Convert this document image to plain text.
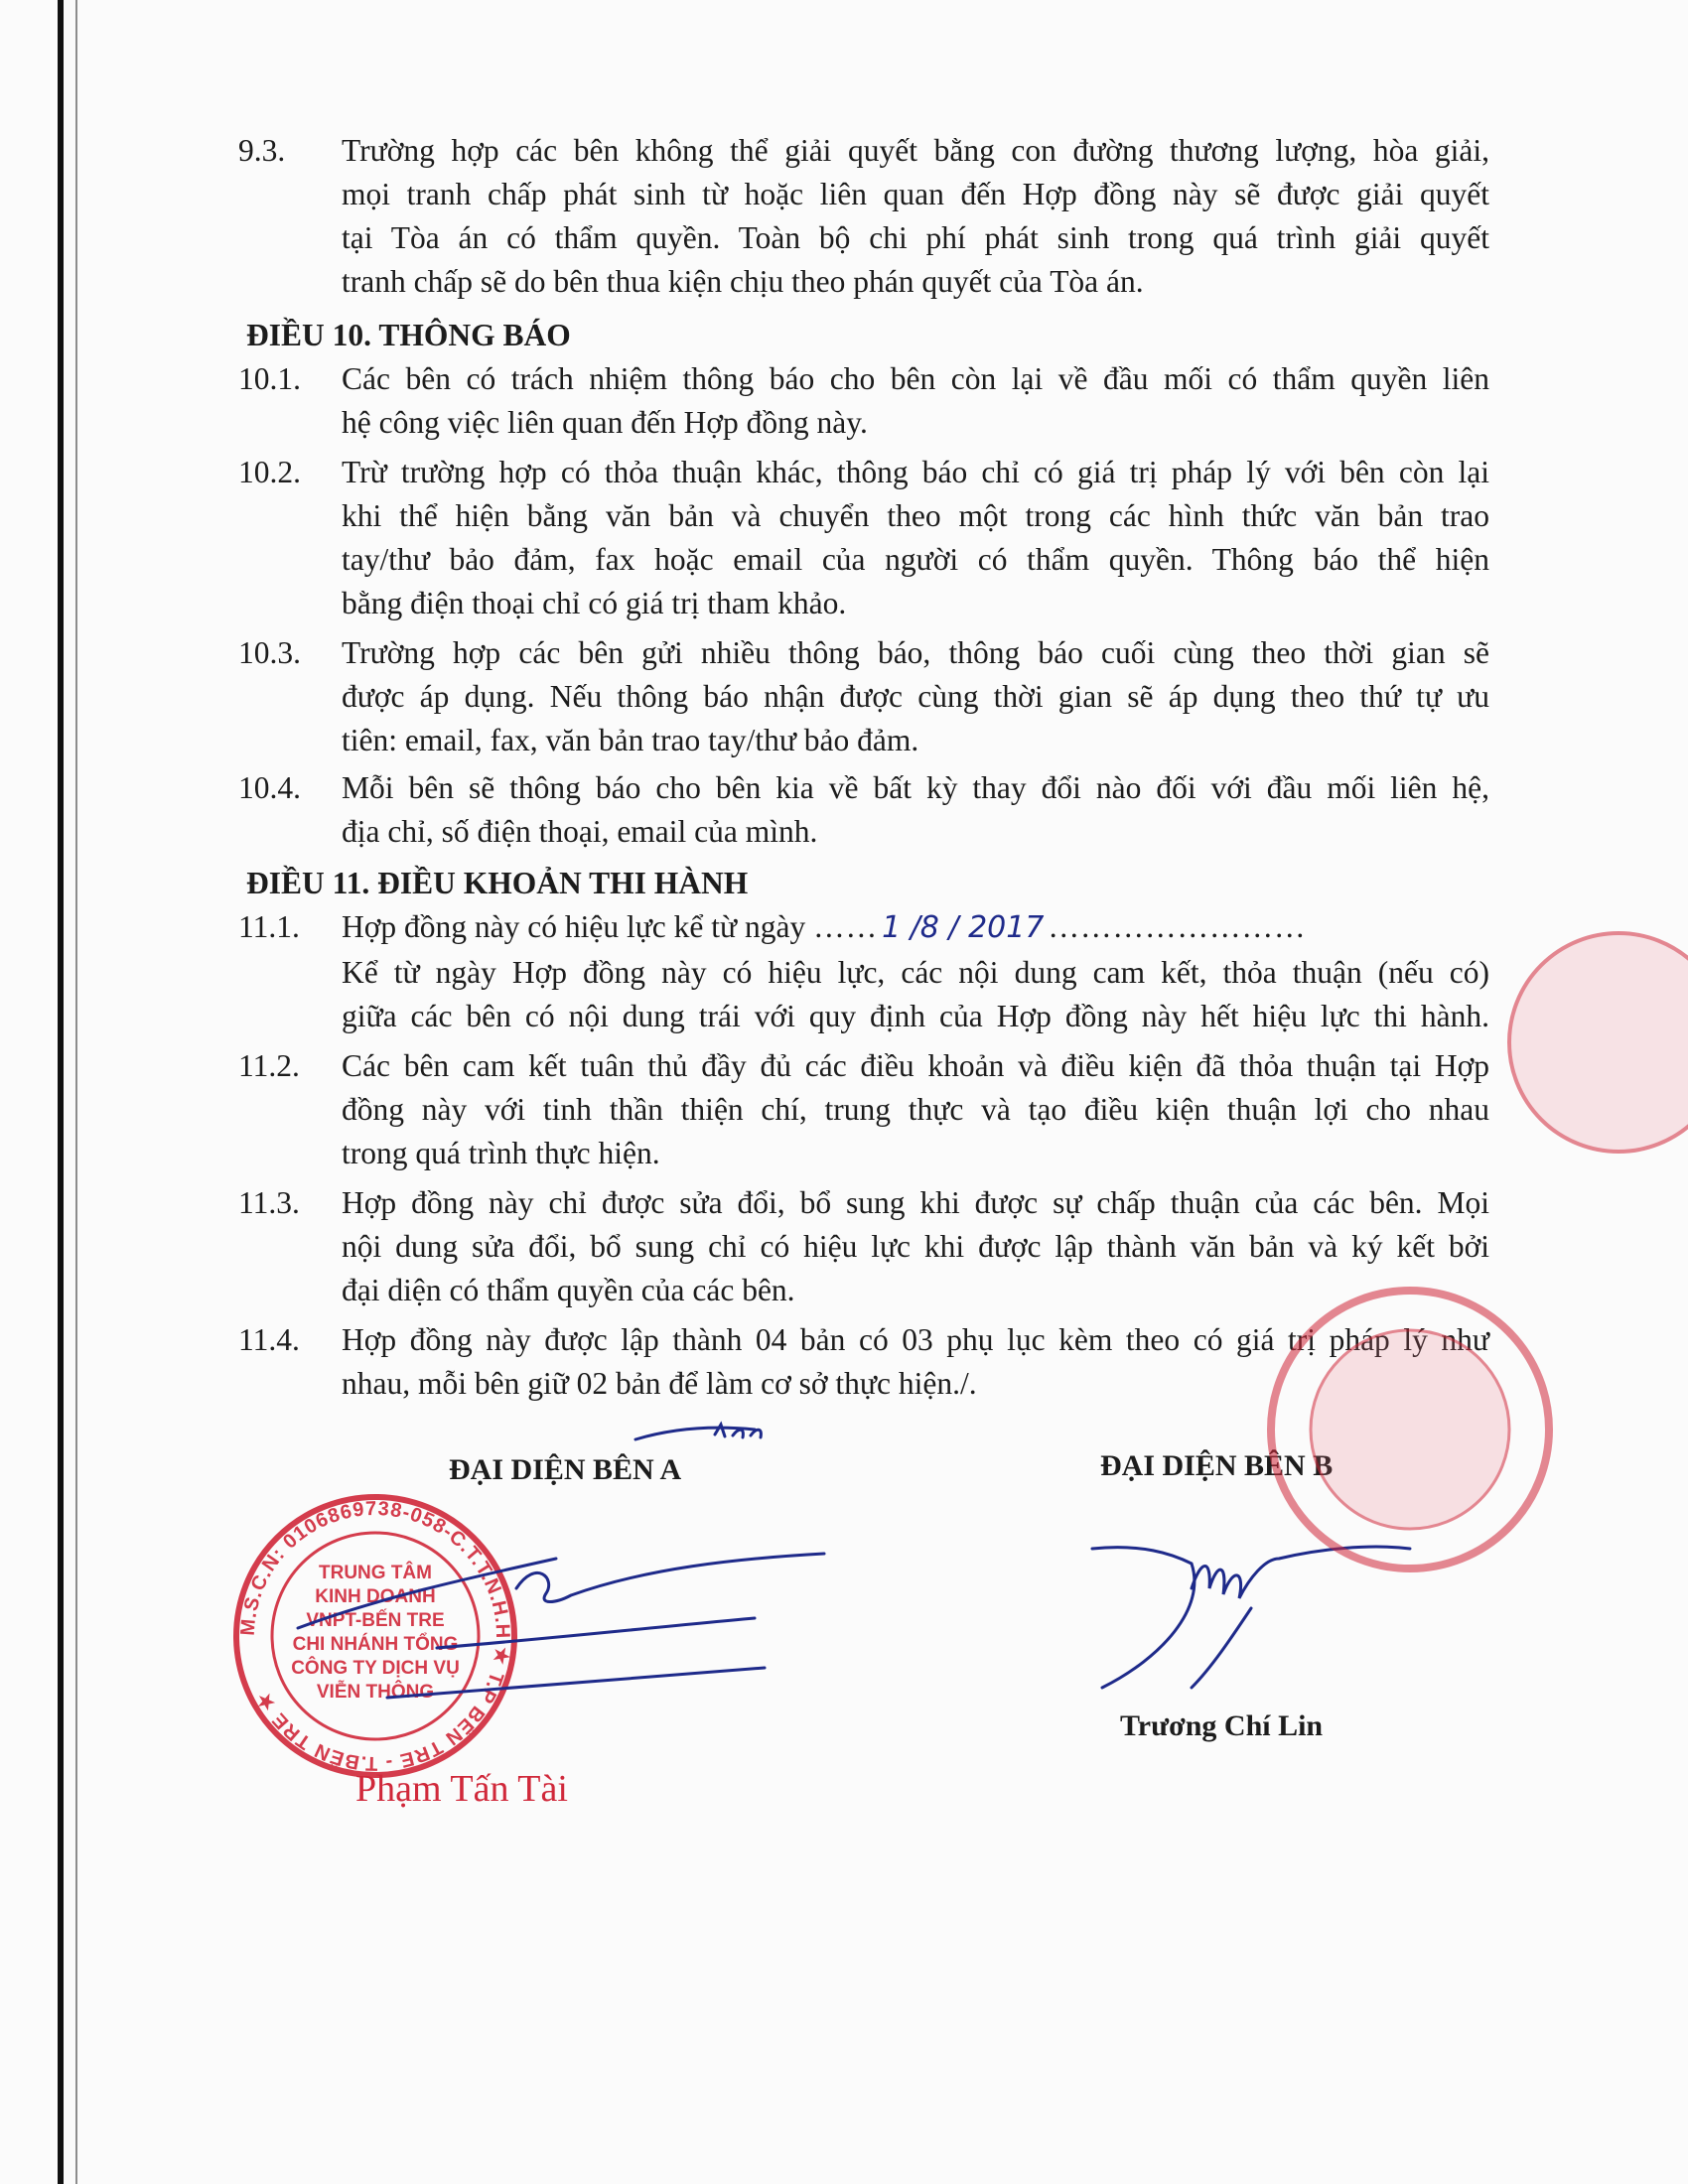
9.3.	Trường hợp các bên không thể giải quyết bằng con đường thương lượng, hòa giải,
mọi tranh chấp phát sinh từ hoặc liên quan đến Hợp đồng này sẽ được giải quyết
tại Tòa án có thẩm quyền. Toàn bộ chi phí phát sinh trong quá trình giải quyết
tranh chấp sẽ do bên thua kiện chịu theo phán quyết của Tòa án.
ĐIỀU 10. THÔNG BÁO
10.1.	Các bên có trách nhiệm thông báo cho bên còn lại về đầu mối có thẩm quyền liên
hệ công việc liên quan đến Hợp đồng này.
10.2.	Trừ trường hợp có thỏa thuận khác, thông báo chỉ có giá trị pháp lý với bên còn lại
khi thể hiện bằng văn bản và chuyển theo một trong các hình thức văn bản trao
tay/thư bảo đảm, fax hoặc email của người có thẩm quyền. Thông báo thể hiện
bằng điện thoại chỉ có giá trị tham khảo.
10.3.	Trường hợp các bên gửi nhiều thông báo, thông báo cuối cùng theo thời gian sẽ
được áp dụng. Nếu thông báo nhận được cùng thời gian sẽ áp dụng theo thứ tự ưu
tiên: email, fax, văn bản trao tay/thư bảo đảm.
10.4.	Mỗi bên sẽ thông báo cho bên kia về bất kỳ thay đổi nào đối với đầu mối liên hệ,
địa chỉ, số điện thoại, email của mình.
ĐIỀU 11. ĐIỀU KHOẢN THI HÀNH
11.1.	Hợp đồng này có hiệu lực kể từ ngày …… 1 /8 / 2017 ……………………
Kể từ ngày Hợp đồng này có hiệu lực, các nội dung cam kết, thỏa thuận (nếu có)
giữa các bên có nội dung trái với quy định của Hợp đồng này hết hiệu lực thi hành.
11.2.	Các bên cam kết tuân thủ đầy đủ các điều khoản và điều kiện đã thỏa thuận tại Hợp
đồng này với tinh thần thiện chí, trung thực và tạo điều kiện thuận lợi cho nhau
trong quá trình thực hiện.
11.3.	Hợp đồng này chỉ được sửa đổi, bổ sung khi được sự chấp thuận của các bên. Mọi
nội dung sửa đổi, bổ sung chỉ có hiệu lực khi được lập thành văn bản và ký kết bởi
đại diện có thẩm quyền của các bên.
11.4.	Hợp đồng này được lập thành 04 bản có 03 phụ lục kèm theo có giá trị pháp lý như
nhau, mỗi bên giữ 02 bản để làm cơ sở thực hiện./.
ĐẠI DIỆN BÊN A	ĐẠI DIỆN BÊN B
M.S.C.N: 0106869738-058-C.T.T.N.H.H ★ T.P BẾN TRE - T.BẾN TRE ★
TRUNG TÂM
KINH DOANH
VNPT-BẾN TRE
CHI NHÁNH TỔNG
CÔNG TY DỊCH VỤ
VIỄN THÔNG
Phạm Tấn Tài
Trương Chí Lin
